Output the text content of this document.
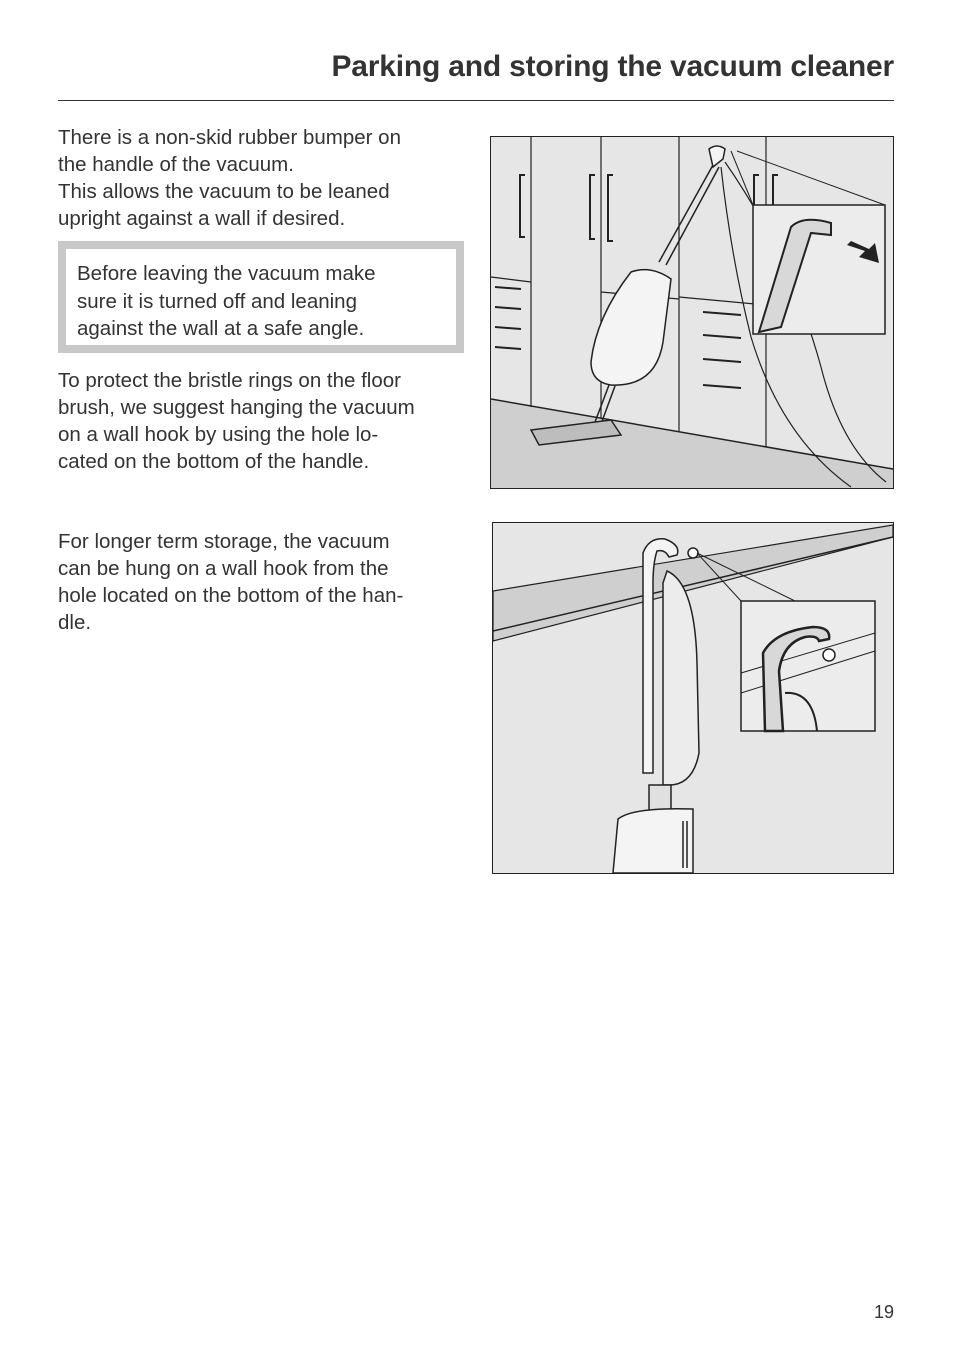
Parking and storing the vacuum cleaner

There is a non-skid rubber bumper on
the handle of the vacuum.
This allows the vacuum to be leaned
upright against a wall if desired.

Before leaving the vacuum make
sure it is turned off and leaning
against the wall at a safe angle.

To protect the bristle rings on the floor
brush, we suggest hanging the vacuum
on a wall hook by using the hole lo-
cated on the bottom of the handle.

For longer term storage, the vacuum
can be hung on a wall hook from the
hole located on the bottom of the han-
dle.

19
